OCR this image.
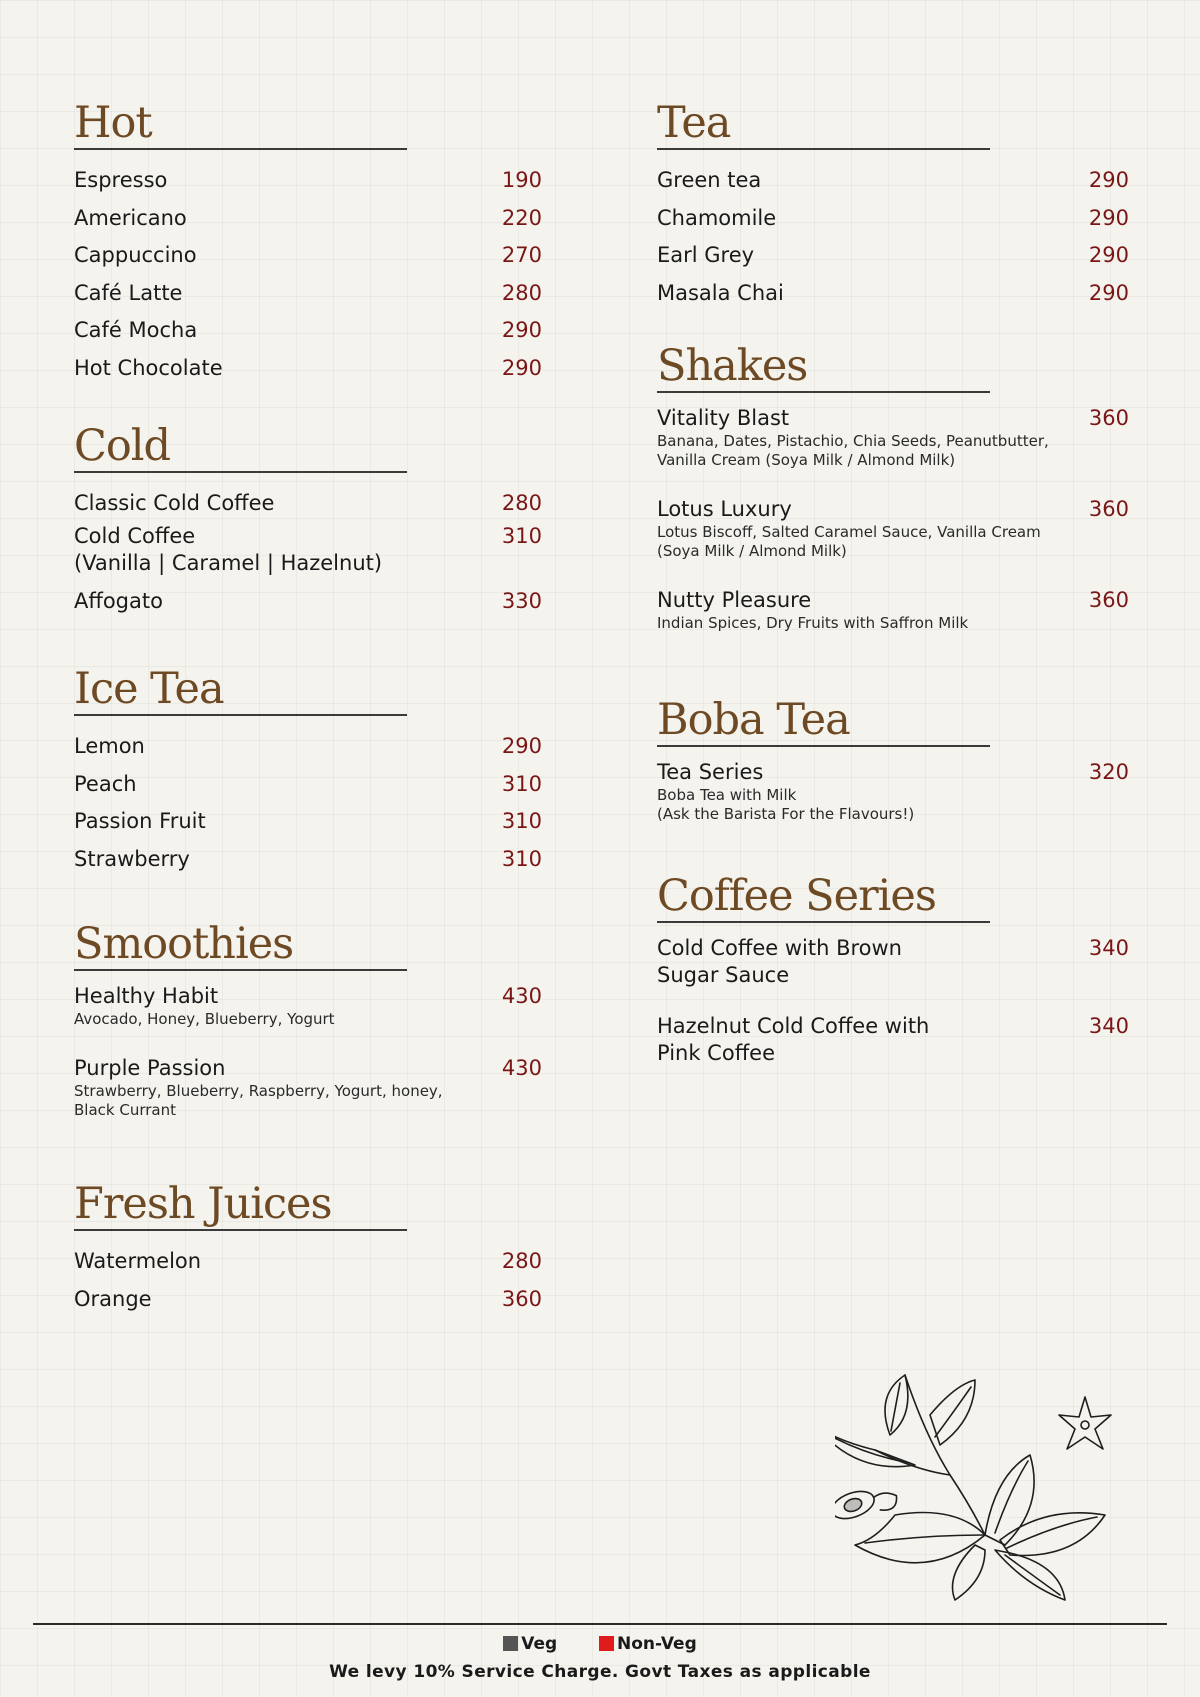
Hot
Espresso	190
Americano	220
Cappuccino	270
Café Latte	280
Café Mocha	290
Hot Chocolate	290
Cold
Classic Cold Coffee	280
Cold Coffee	310
(Vanilla | Caramel | Hazelnut)
Affogato	330
Ice Tea
Lemon	290
Peach	310
Passion Fruit	310
Strawberry	310
Smoothies
Healthy Habit	430
Avocado, Honey, Blueberry, Yogurt
Purple Passion	430
Strawberry, Blueberry, Raspberry, Yogurt, honey, Black Currant
Fresh Juices
Watermelon	280
Orange	360
Tea
Green tea	290
Chamomile	290
Earl Grey	290
Masala Chai	290
Shakes
Vitality Blast	360
Banana, Dates, Pistachio, Chia Seeds, Peanutbutter, Vanilla Cream (Soya Milk / Almond Milk)
Lotus Luxury	360
Lotus Biscoff, Salted Caramel Sauce, Vanilla Cream (Soya Milk / Almond Milk)
Nutty Pleasure	360
Indian Spices, Dry Fruits with Saffron Milk
Boba Tea
Tea Series	320
Boba Tea with Milk
(Ask the Barista For the Flavours!)
Coffee Series
Cold Coffee with Brown Sugar Sauce
340
Hazelnut Cold Coffee with Pink Coffee
340
Veg	Non-Veg
We levy 10% Service Charge. Govt Taxes as applicable
